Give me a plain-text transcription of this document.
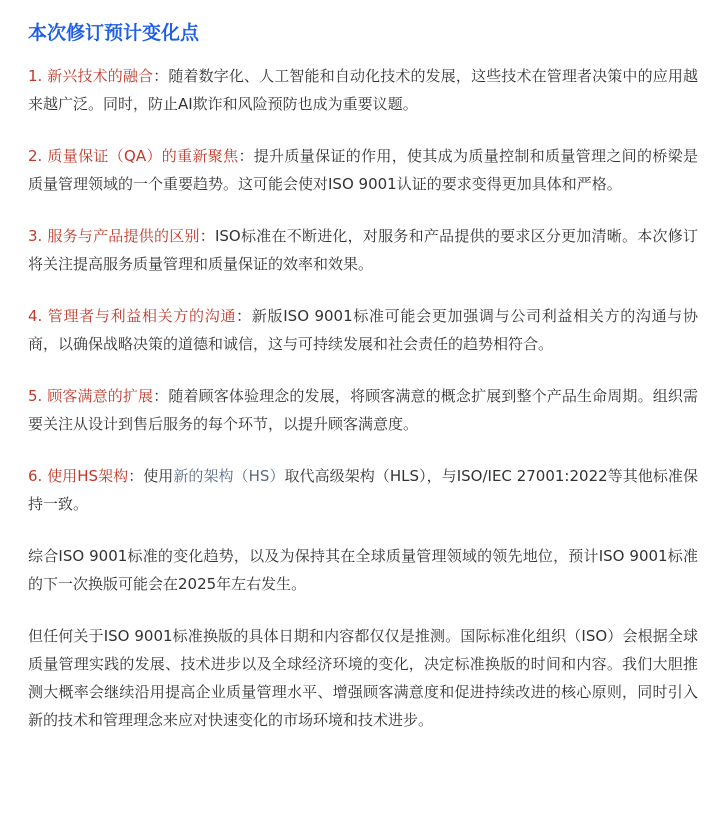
本次修订预计变化点

1. 新兴技术的融合：随着数字化、人工智能和自动化技术的发展，这些技术在管理者决策中的应用越来越广泛。同时，防止AI欺诈和风险预防也成为重要议题。

2. 质量保证（QA）的重新聚焦：提升质量保证的作用，使其成为质量控制和质量管理之间的桥梁是质量管理领域的一个重要趋势。这可能会使对ISO 9001认证的要求变得更加具体和严格。

3. 服务与产品提供的区别：ISO标准在不断进化，对服务和产品提供的要求区分更加清晰。本次修订将关注提高服务质量管理和质量保证的效率和效果。

4. 管理者与利益相关方的沟通：新版ISO 9001标准可能会更加强调与公司利益相关方的沟通与协商，以确保战略决策的道德和诚信，这与可持续发展和社会责任的趋势相符合。

5. 顾客满意的扩展：随着顾客体验理念的发展，将顾客满意的概念扩展到整个产品生命周期。组织需要关注从设计到售后服务的每个环节，以提升顾客满意度。

6. 使用HS架构：使用新的架构（HS）取代高级架构（HLS），与ISO/IEC 27001:2022等其他标准保持一致。

综合ISO 9001标准的变化趋势，以及为保持其在全球质量管理领域的领先地位，预计ISO 9001标准的下一次换版可能会在2025年左右发生。

但任何关于ISO 9001标准换版的具体日期和内容都仅仅是推测。国际标准化组织（ISO）会根据全球质量管理实践的发展、技术进步以及全球经济环境的变化，决定标准换版的时间和内容。我们大胆推测大概率会继续沿用提高企业质量管理水平、增强顾客满意度和促进持续改进的核心原则，同时引入新的技术和管理理念来应对快速变化的市场环境和技术进步。
